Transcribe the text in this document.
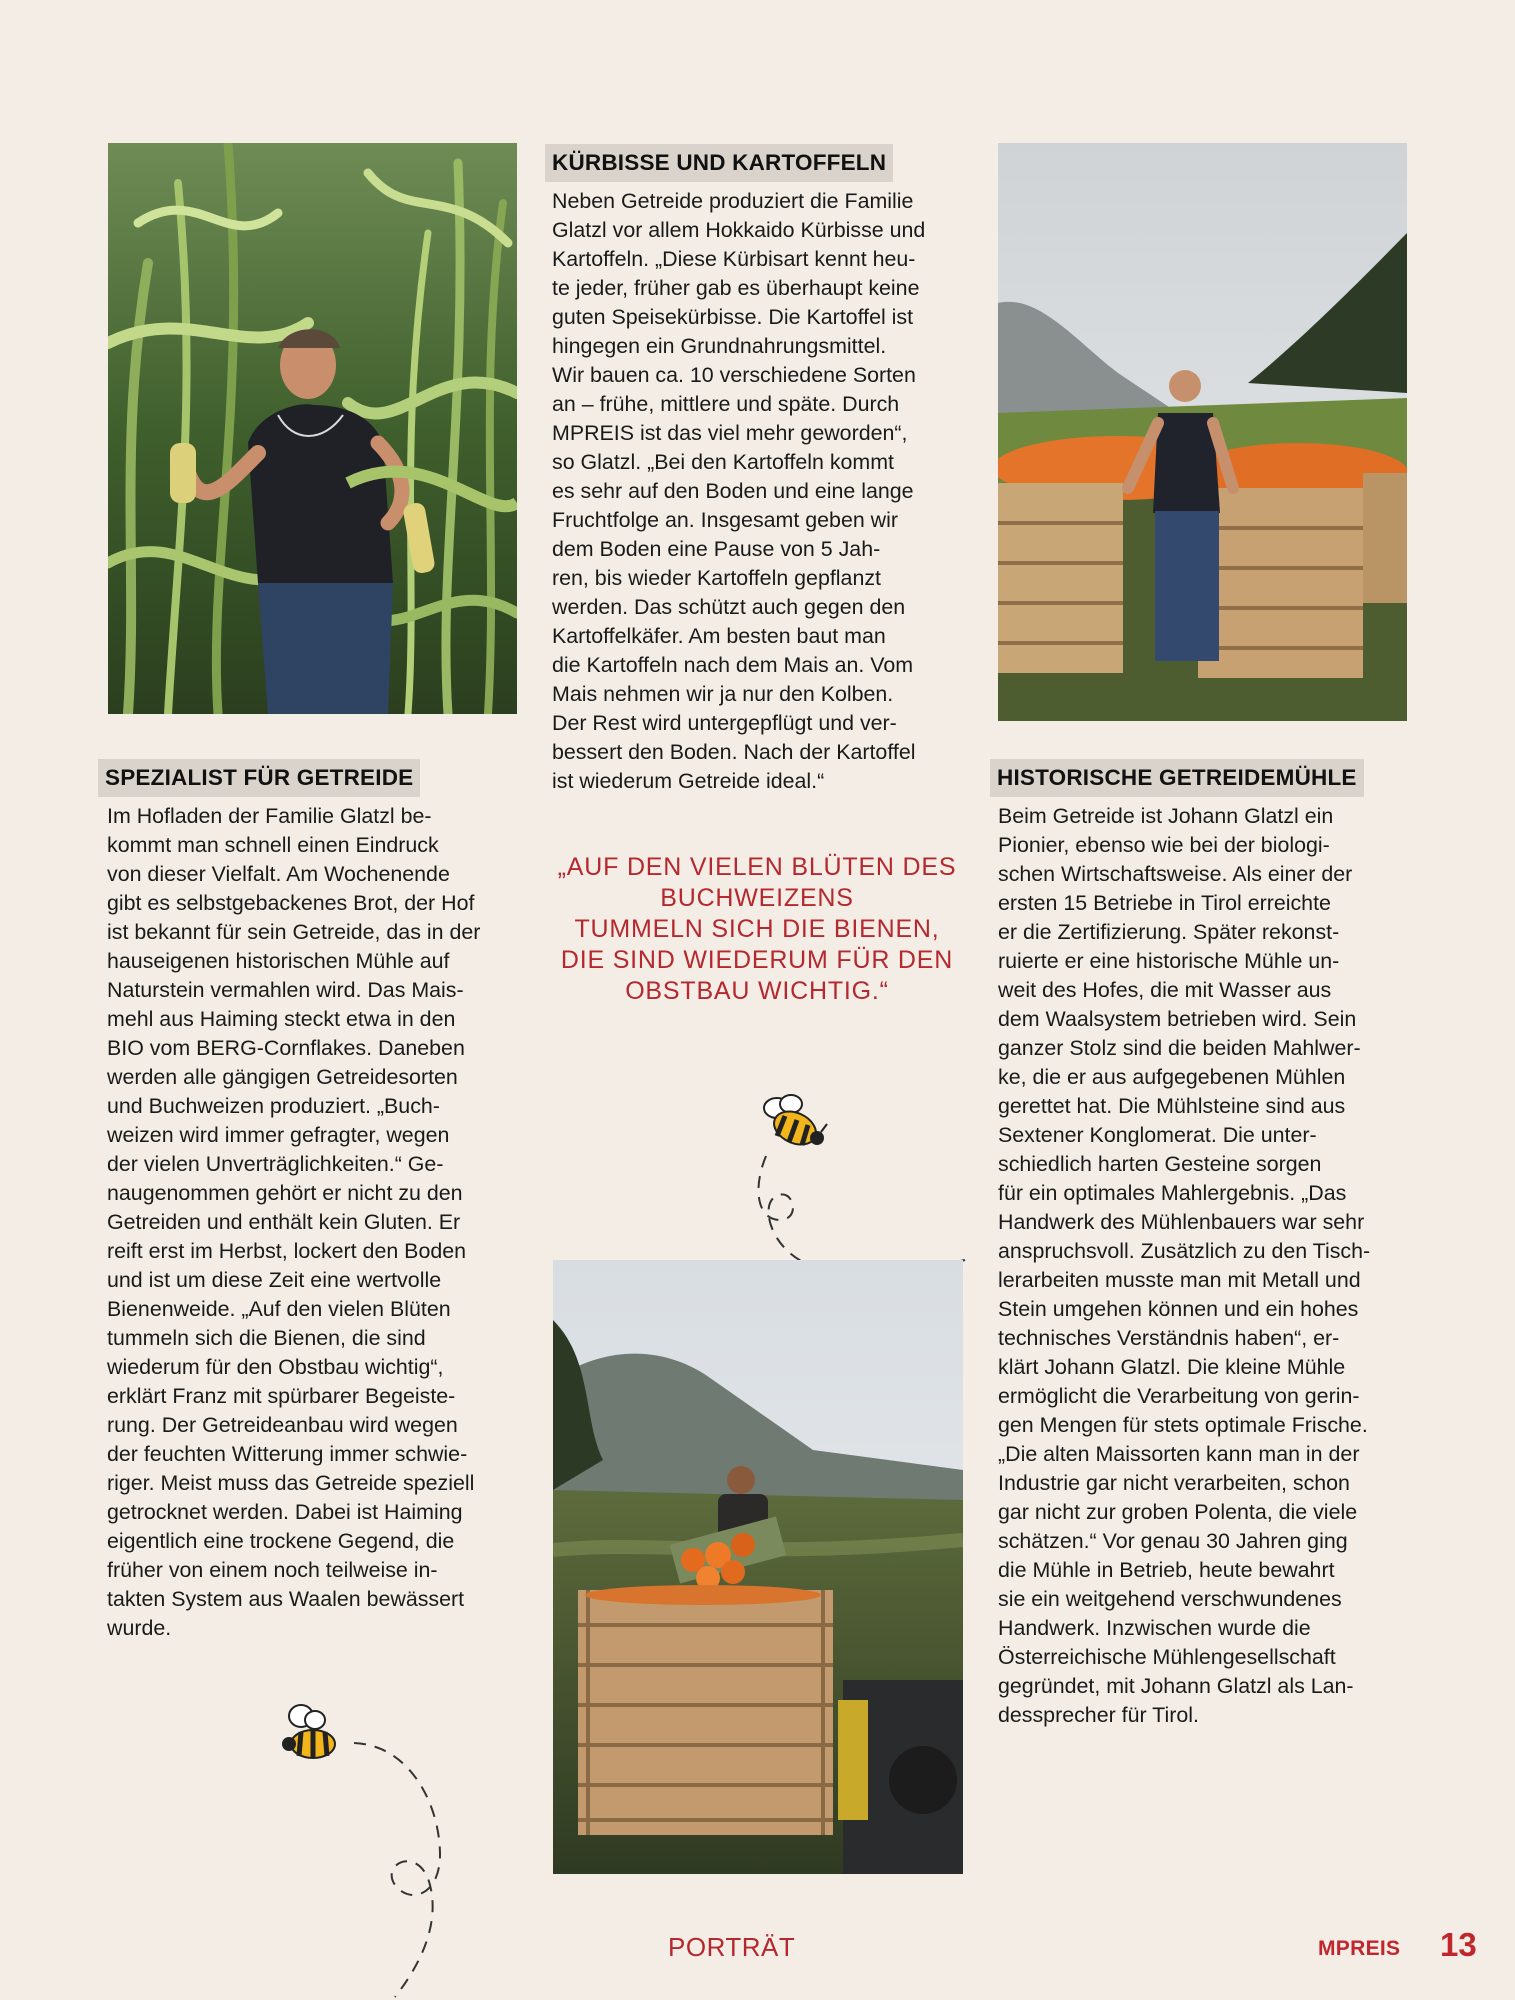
SPEZIALIST FÜR GETREIDE

Im Hofladen der Familie Glatzl be-
kommt man schnell einen Eindruck
von dieser Vielfalt. Am Wochenende
gibt es selbstgebackenes Brot, der Hof
ist bekannt für sein Getreide, das in der
hauseigenen historischen Mühle auf
Naturstein vermahlen wird. Das Mais-
mehl aus Haiming steckt etwa in den
BIO vom BERG-Cornflakes. Daneben
werden alle gängigen Getreidesorten
und Buchweizen produziert. „Buch-
weizen wird immer gefragter, wegen
der vielen Unverträglichkeiten.“ Ge-
naugenommen gehört er nicht zu den
Getreiden und enthält kein Gluten. Er
reift erst im Herbst, lockert den Boden
und ist um diese Zeit eine wertvolle
Bienenweide. „Auf den vielen Blüten
tummeln sich die Bienen, die sind
wiederum für den Obstbau wichtig“,
erklärt Franz mit spürbarer Begeiste-
rung. Der Getreideanbau wird wegen
der feuchten Witterung immer schwie-
riger. Meist muss das Getreide speziell
getrocknet werden. Dabei ist Haiming
eigentlich eine trockene Gegend, die
früher von einem noch teilweise in-
takten System aus Waalen bewässert
wurde.

KÜRBISSE UND KARTOFFELN

Neben Getreide produziert die Familie
Glatzl vor allem Hokkaido Kürbisse und
Kartoffeln. „Diese Kürbisart kennt heu-
te jeder, früher gab es überhaupt keine
guten Speisekürbisse. Die Kartoffel ist
hingegen ein Grundnahrungsmittel.
Wir bauen ca. 10 verschiedene Sorten
an – frühe, mittlere und späte. Durch
MPREIS ist das viel mehr geworden“,
so Glatzl. „Bei den Kartoffeln kommt
es sehr auf den Boden und eine lange
Fruchtfolge an. Insgesamt geben wir
dem Boden eine Pause von 5 Jah-
ren, bis wieder Kartoffeln gepflanzt
werden. Das schützt auch gegen den
Kartoffelkäfer. Am besten baut man
die Kartoffeln nach dem Mais an. Vom
Mais nehmen wir ja nur den Kolben.
Der Rest wird untergepflügt und ver-
bessert den Boden. Nach der Kartoffel
ist wiederum Getreide ideal.“

„AUF DEN VIELEN BLÜTEN DES
BUCHWEIZENS
TUMMELN SICH DIE BIENEN,
DIE SIND WIEDERUM FÜR DEN
OBSTBAU WICHTIG.“
HISTORISCHE GETREIDEMÜHLE

Beim Getreide ist Johann Glatzl ein
Pionier, ebenso wie bei der biologi-
schen Wirtschaftsweise. Als einer der
ersten 15 Betriebe in Tirol erreichte
er die Zertifizierung. Später rekonst-
ruierte er eine historische Mühle un-
weit des Hofes, die mit Wasser aus
dem Waalsystem betrieben wird. Sein
ganzer Stolz sind die beiden Mahlwer-
ke, die er aus aufgegebenen Mühlen
gerettet hat. Die Mühlsteine sind aus
Sextener Konglomerat. Die unter-
schiedlich harten Gesteine sorgen
für ein optimales Mahlergebnis. „Das
Handwerk des Mühlenbauers war sehr
anspruchsvoll. Zusätzlich zu den Tisch-
lerarbeiten musste man mit Metall und
Stein umgehen können und ein hohes
technisches Verständnis haben“, er-
klärt Johann Glatzl. Die kleine Mühle
ermöglicht die Verarbeitung von gerin-
gen Mengen für stets optimale Frische.
„Die alten Maissorten kann man in der
Industrie gar nicht verarbeiten, schon
gar nicht zur groben Polenta, die viele
schätzen.“ Vor genau 30 Jahren ging
die Mühle in Betrieb, heute bewahrt
sie ein weitgehend verschwundenes
Handwerk. Inzwischen wurde die
Österreichische Mühlengesellschaft
gegründet, mit Johann Glatzl als Lan-
dessprecher für Tirol.

PORTRÄT	MPREIS 13
